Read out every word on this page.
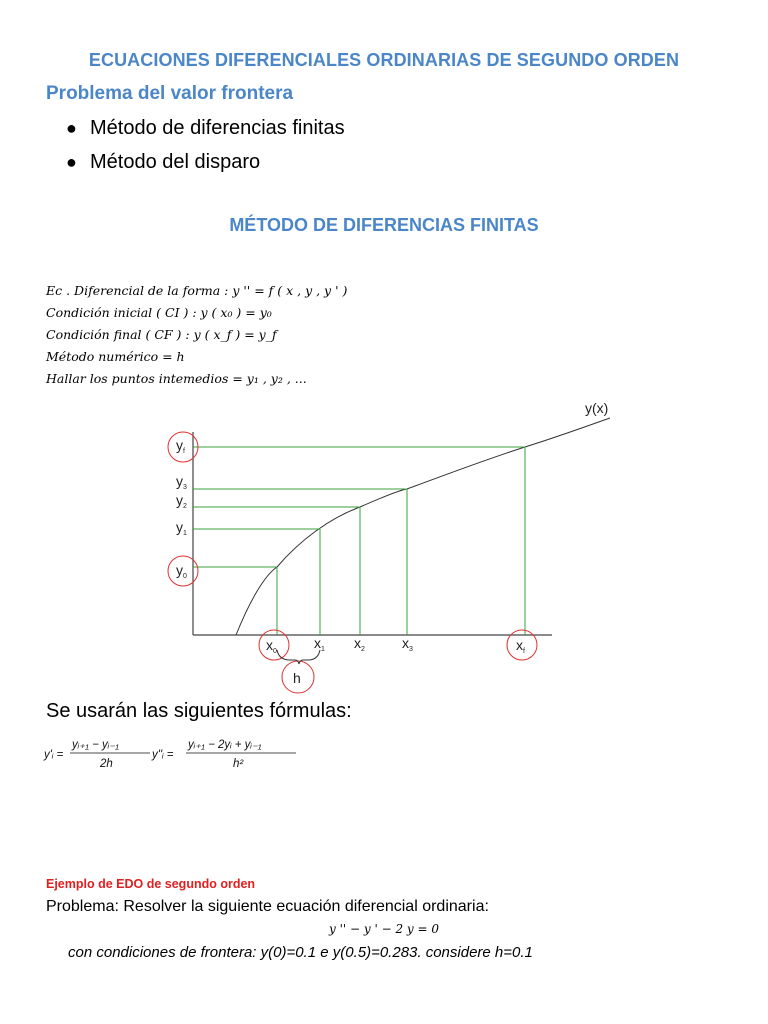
ECUACIONES DIFERENCIALES ORDINARIAS DE SEGUNDO ORDEN
Problema del valor frontera
● Método de diferencias finitas
● Método del disparo
MÉTODO DE DIFERENCIAS FINITAS
Ec . Diferencial de la forma : y '' = f ( x , y , y ' )
Condición inicial ( CI ) : y ( x₀ ) = y₀
Condición final ( CF ) : y ( x_f ) = y_f
Método numérico = h
Hallar los puntos intemedios = y₁ , y₂ , ...
y(x)
$y_f$
$y_3$
$y_2$
$y_1$
$y_0$
$x_0$
$x_1$ $x_2$	$x_3$	$x_f$
h
Se usarán las siguientes fórmulas:
y'ᵢ =
yᵢ₊₁ − yᵢ₋₁
2h
y''ᵢ =
yᵢ₊₁ − 2yᵢ + yᵢ₋₁
h²
Ejemplo de EDO de segundo orden
Problema: Resolver la siguiente ecuación diferencial ordinaria:
y '' − y ' − 2 y = 0
con condiciones de frontera: y(0)=0.1 e y(0.5)=0.283. considere h=0.1
